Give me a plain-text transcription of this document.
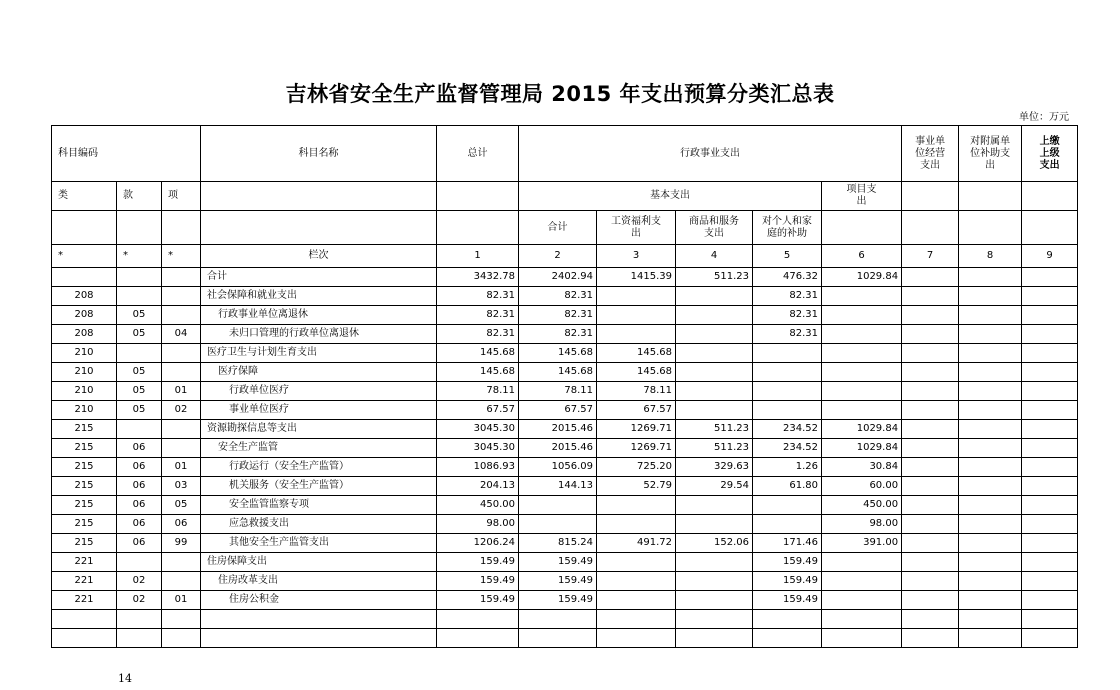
吉林省安全生产监督管理局 2015 年支出预算分类汇总表
单位：万元
科目编码			科目名称	总计	行政事业支出					事业单位经营支出	对附属单位补助支出	上缴上级支出
类	款	项			基本支出				项目支出			
					合计	工资福利支出	商品和服务支出	对个人和家庭的补助				
*	*	*	栏次	1	2	3	4	5	6	7	8	9
			合计	3432.78	2402.94	1415.39	511.23	476.32	1029.84			
208			社会保障和就业支出	82.31	82.31			82.31				
208	05		行政事业单位离退休	82.31	82.31			82.31				
208	05	04	未归口管理的行政单位离退休	82.31	82.31			82.31				
210			医疗卫生与计划生育支出	145.68	145.68	145.68						
210	05		医疗保障	145.68	145.68	145.68						
210	05	01	行政单位医疗	78.11	78.11	78.11						
210	05	02	事业单位医疗	67.57	67.57	67.57						
215			资源勘探信息等支出	3045.30	2015.46	1269.71	511.23	234.52	1029.84			
215	06		安全生产监管	3045.30	2015.46	1269.71	511.23	234.52	1029.84			
215	06	01	行政运行（安全生产监管）	1086.93	1056.09	725.20	329.63	1.26	30.84			
215	06	03	机关服务（安全生产监管）	204.13	144.13	52.79	29.54	61.80	60.00			
215	06	05	安全监管监察专项	450.00					450.00			
215	06	06	应急救援支出	98.00					98.00			
215	06	99	其他安全生产监管支出	1206.24	815.24	491.72	152.06	171.46	391.00			
221			住房保障支出	159.49	159.49			159.49				
221	02		住房改革支出	159.49	159.49			159.49				
221	02	01	住房公积金	159.49	159.49			159.49				

14
